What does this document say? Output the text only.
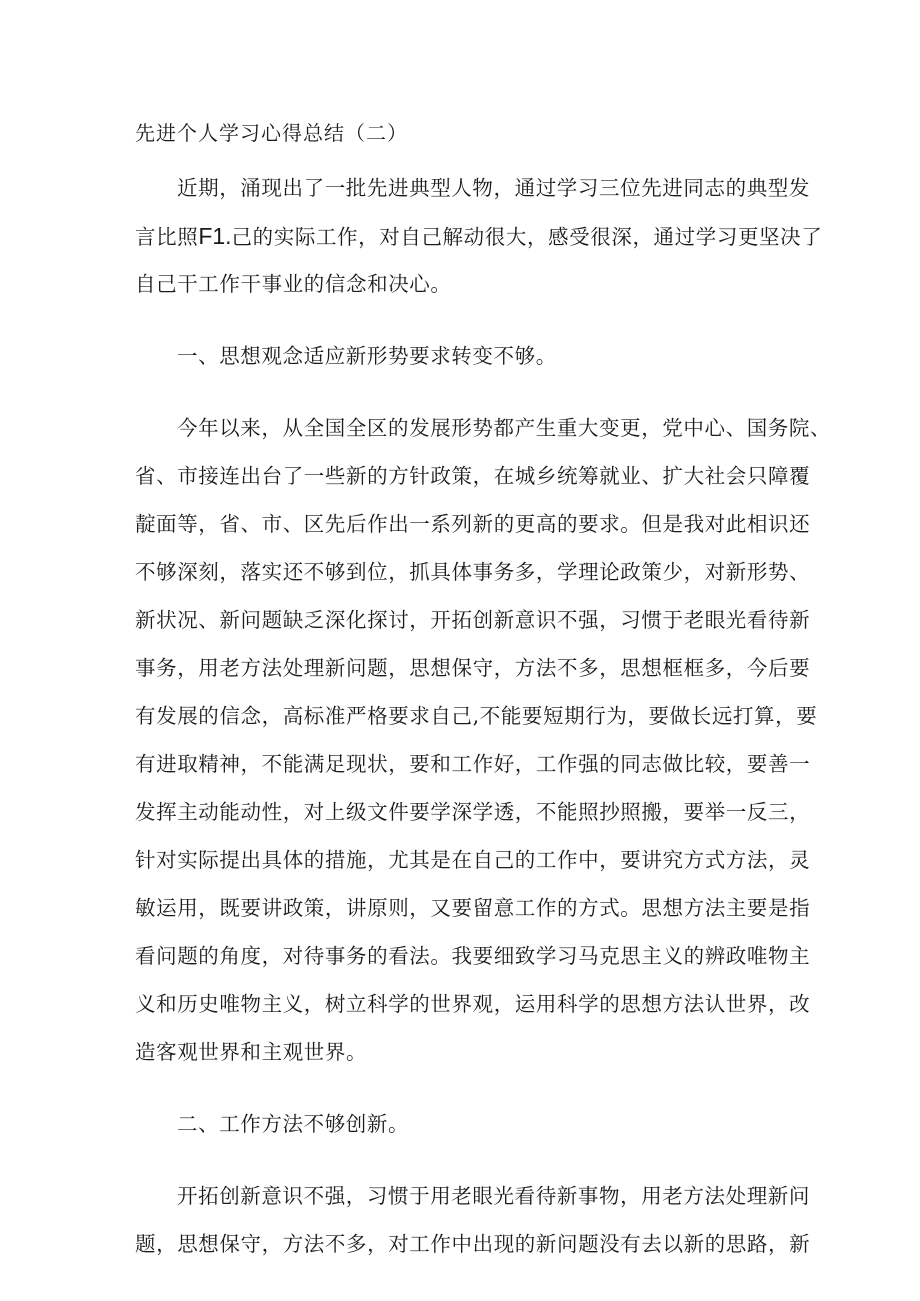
先进个人学习心得总结（二）
近期，涌现出了一批先进典型人物，通过学习三位先进同志的典型发
言比照F1.己的实际工作，对自己解动很大，感受很深，通过学习更坚决了
自己干工作干事业的信念和决心。
一、思想观念适应新形势要求转变不够。
今年以来，从全国全区的发展形势都产生重大变更，党中心、国务院、
省、市接连出台了一些新的方针政策，在城乡统筹就业、扩大社会只障覆
靛面等，省、市、区先后作出一系列新的更高的要求。但是我对此相识还
不够深刻，落实还不够到位，抓具体事务多，学理论政策少，对新形势、
新状况、新问题缺乏深化探讨，开拓创新意识不强，习惯于老眼光看待新
事务，用老方法处理新问题，思想保守，方法不多，思想框框多，今后要
有发展的信念，高标准严格要求自己,不能要短期行为，要做长远打算，要
有进取精神，不能满足现状，要和工作好，工作强的同志做比较，要善一
发挥主动能动性，对上级文件要学深学透，不能照抄照搬，要举一反三，
针对实际提出具体的措施，尤其是在自己的工作中，要讲究方式方法，灵
敏运用，既要讲政策，讲原则，又要留意工作的方式。思想方法主要是指
看问题的角度，对待事务的看法。我要细致学习马克思主义的辨政唯物主
义和历史唯物主义，树立科学的世界观，运用科学的思想方法认世界，改
造客观世界和主观世界。
二、工作方法不够创新。
开拓创新意识不强，习惯于用老眼光看待新事物，用老方法处理新问
题，思想保守，方法不多，对工作中出现的新问题没有去以新的思路，新
